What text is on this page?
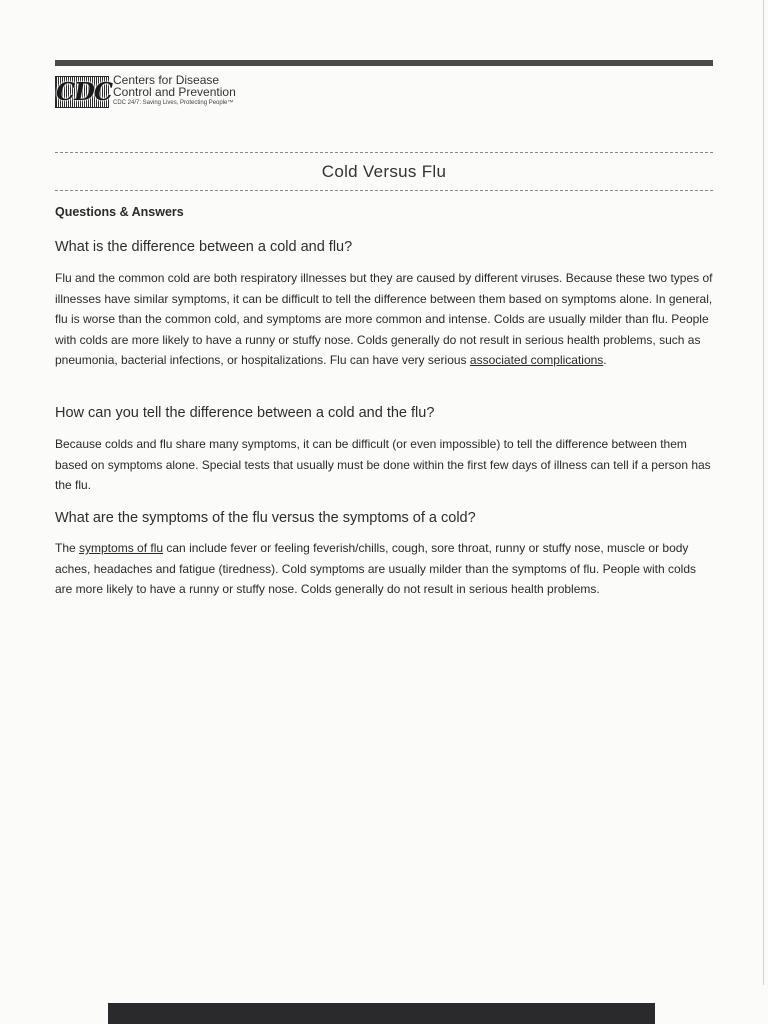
CDC Centers for Disease
Control and Prevention
CDC 24/7: Saving Lives, Protecting People™
Cold Versus Flu
Questions & Answers
What is the difference between a cold and flu?

Flu and the common cold are both respiratory illnesses but they are caused by different viruses. Because these two types of illnesses have similar symptoms, it can be difficult to tell the difference between them based on symptoms alone. In general, flu is worse than the common cold, and symptoms are more common and intense. Colds are usually milder than flu. People with colds are more likely to have a runny or stuffy nose. Colds generally do not result in serious health problems, such as pneumonia, bacterial infections, or hospitalizations. Flu can have very serious associated complications.

How can you tell the difference between a cold and the flu?

Because colds and flu share many symptoms, it can be difficult (or even impossible) to tell the difference between them based on symptoms alone. Special tests that usually must be done within the first few days of illness can tell if a person has the flu.

What are the symptoms of the flu versus the symptoms of a cold?

The symptoms of flu can include fever or feeling feverish/chills, cough, sore throat, runny or stuffy nose, muscle or body aches, headaches and fatigue (tiredness). Cold symptoms are usually milder than the symptoms of flu. People with colds are more likely to have a runny or stuffy nose. Colds generally do not result in serious health problems.
